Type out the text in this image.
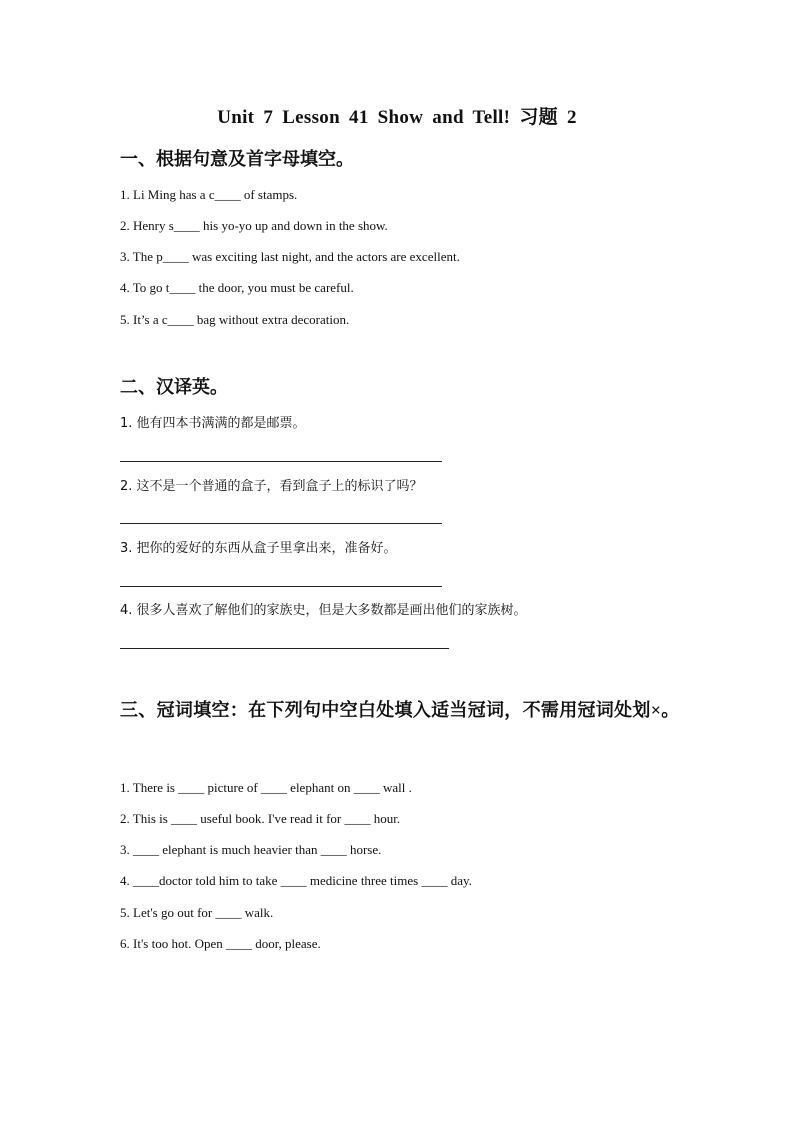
Unit 7 Lesson 41 Show and Tell! 习题 2
一、根据句意及首字母填空。
1. Li Ming has a c____ of stamps.
2. Henry s____ his yo-yo up and down in the show.
3. The p____ was exciting last night, and the actors are excellent.
4. To go t____ the door, you must be careful.
5. It’s a c____ bag without extra decoration.
二、汉译英。
1. 他有四本书满满的都是邮票。
2. 这不是一个普通的盒子，看到盒子上的标识了吗？
3. 把你的爱好的东西从盒子里拿出来，准备好。
4. 很多人喜欢了解他们的家族史，但是大多数都是画出他们的家族树。
三、冠词填空：在下列句中空白处填入适当冠词，不需用冠词处划×。
1. There is ____ picture of ____ elephant on ____ wall .
2. This is ____ useful book. I've read it for ____ hour.
3. ____ elephant is much heavier than ____ horse.
4. ____doctor told him to take ____ medicine three times ____ day.
5. Let's go out for ____ walk.
6. It's too hot. Open ____ door, please.
